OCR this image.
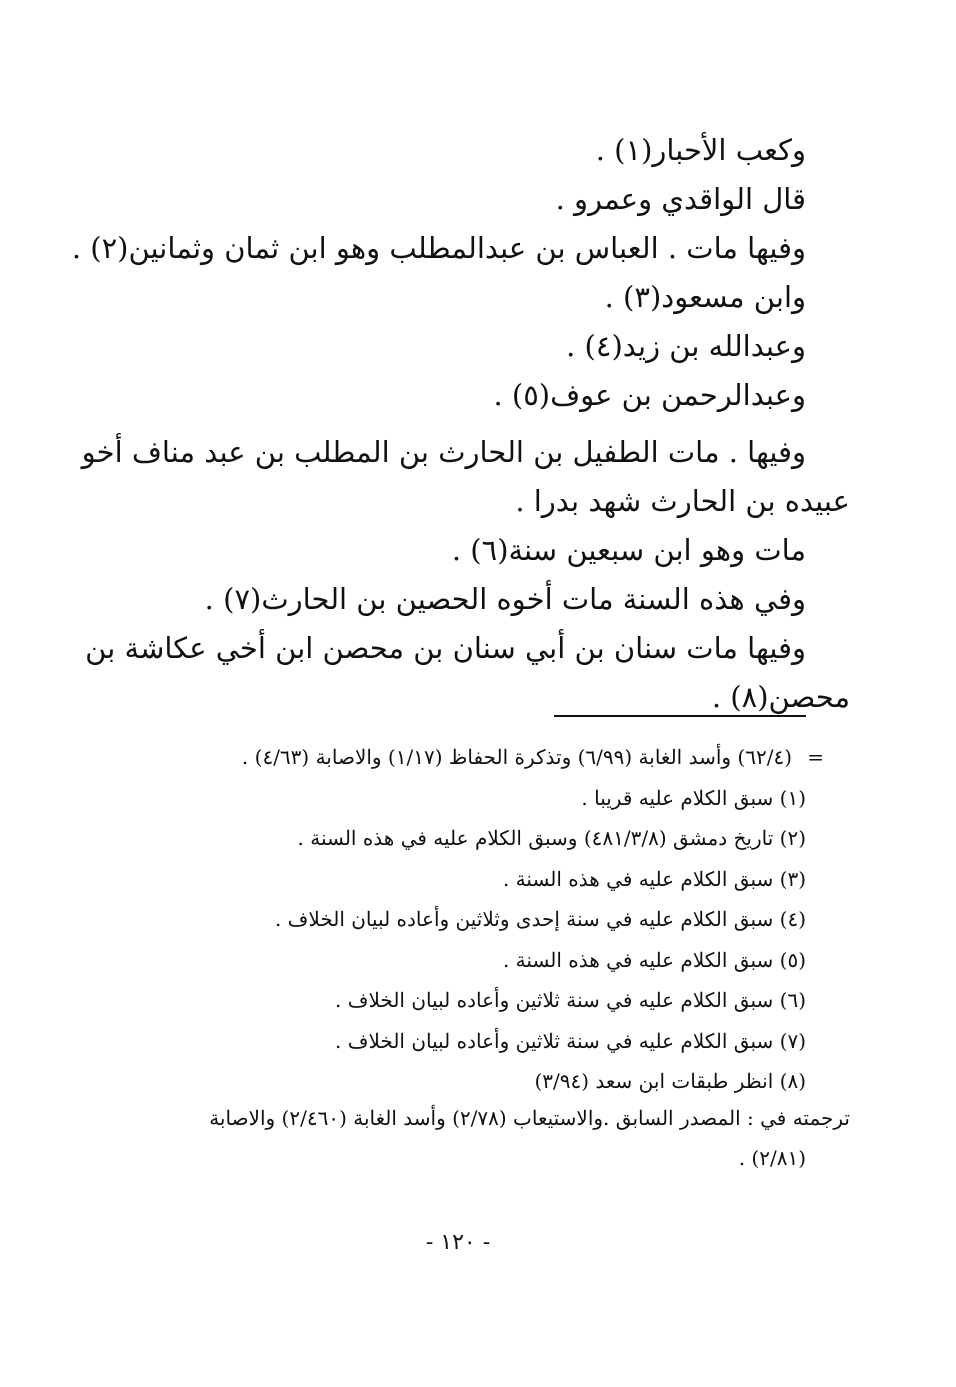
وكعب الأحبار(١) .
قال الواقدي وعمرو .
وفيها مات . العباس بن عبدالمطلب وهو ابن ثمان وثمانين(٢) .
وابن مسعود(٣) .
وعبدالله بن زيد(٤) .
وعبدالرحمن بن عوف(٥) .
وفيها . مات الطفيل بن الحارث بن المطلب بن عبد مناف أخو
عبيده بن الحارث شهد بدرا .
مات وهو ابن سبعين سنة(٦) .
وفي هذه السنة مات أخوه الحصين بن الحارث(٧) .
وفيها مات سنان بن أبي سنان بن محصن ابن أخي عكاشة بن
محصن(٨) .
=(٦٢/٤) وأسد الغابة (٦/٩٩) وتذكرة الحفاظ (١/١٧) والاصابة (٤/٦٣) .
(١) سبق الكلام عليه قريبا .
(٢) تاريخ دمشق (٤٨١/٣/٨) وسبق الكلام عليه في هذه السنة .
(٣) سبق الكلام عليه في هذه السنة .
(٤) سبق الكلام عليه في سنة إحدى وثلاثين وأعاده لبيان الخلاف .
(٥) سبق الكلام عليه في هذه السنة .
(٦) سبق الكلام عليه في سنة ثلاثين وأعاده لبيان الخلاف .
(٧) سبق الكلام عليه في سنة ثلاثين وأعاده لبيان الخلاف .
(٨) انظر طبقات ابن سعد (٣/٩٤)
ترجمته في : المصدر السابق .والاستيعاب (٢/٧٨) وأسد الغابة (٢/٤٦٠) والاصابة
(٢/٨١) .
- ١٢٠ -
